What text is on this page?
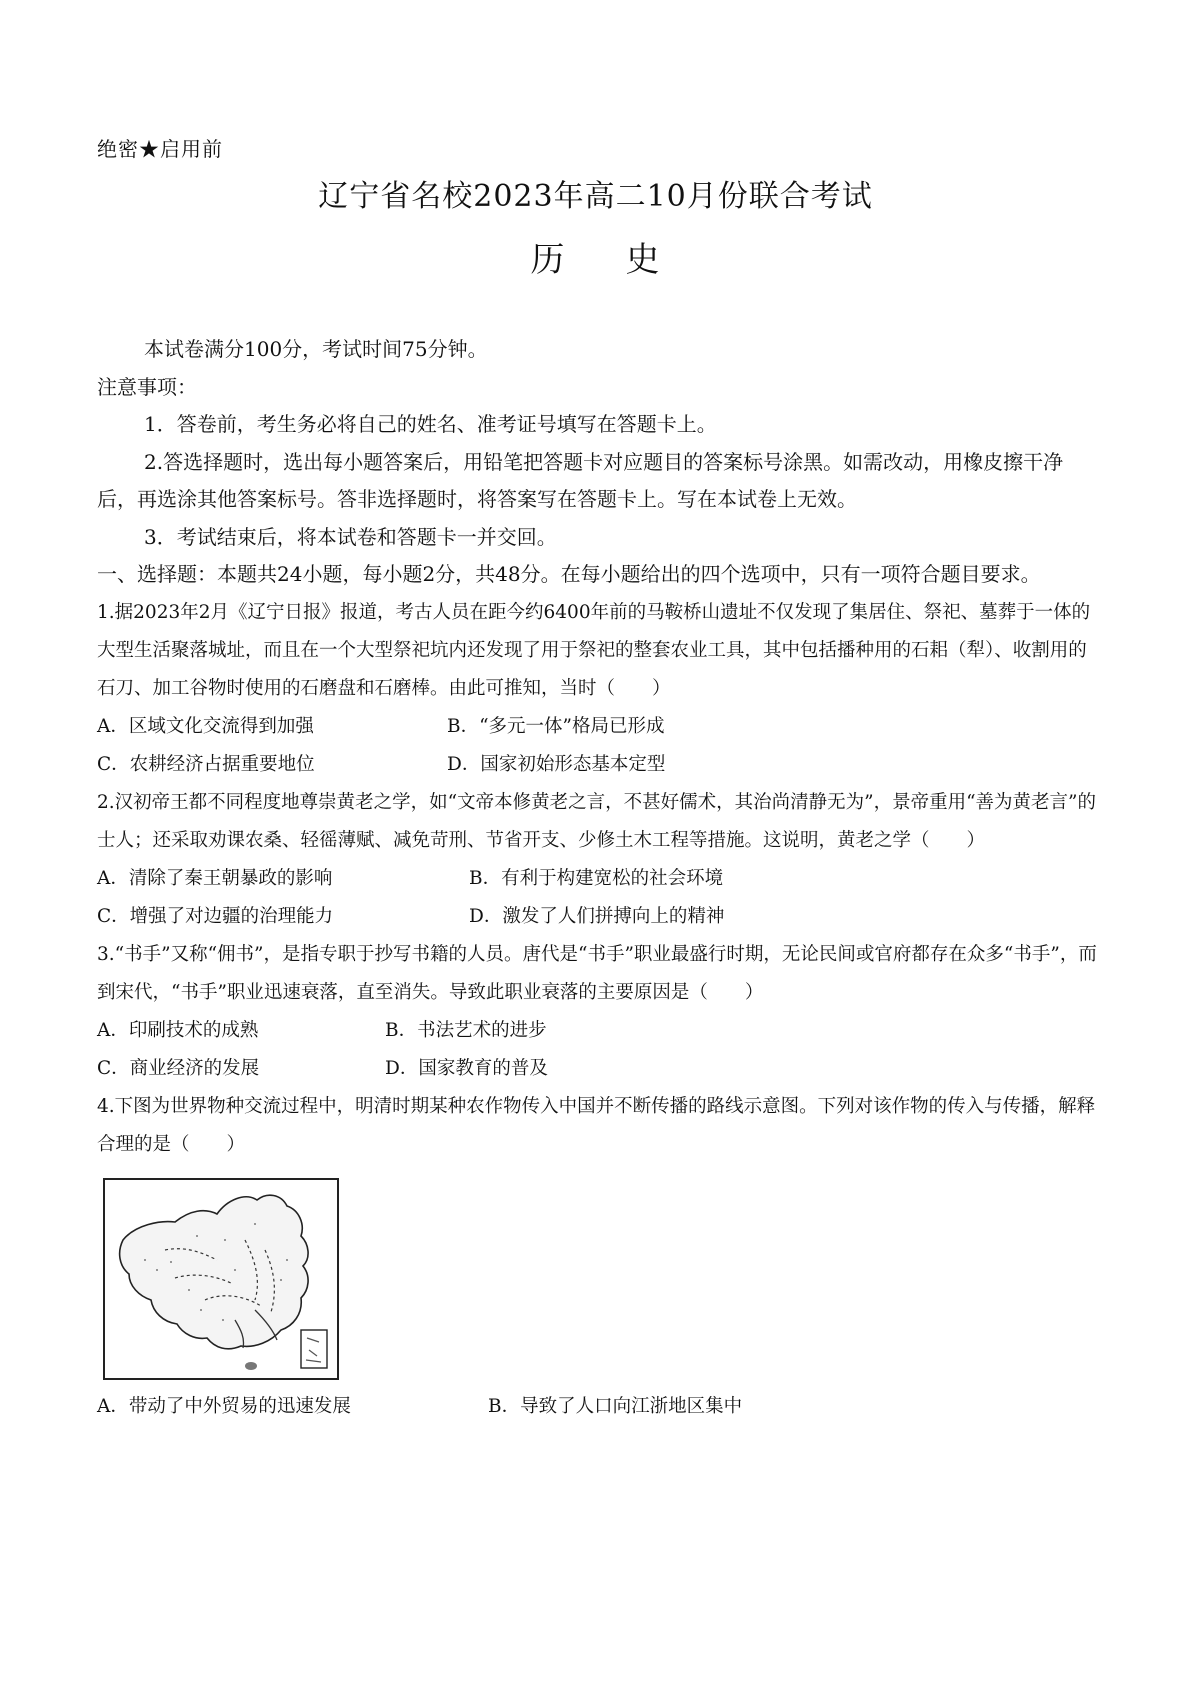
绝密★启用前
辽宁省名校2023年高二10月份联合考试
历 史

本试卷满分100分，考试时间75分钟。

注意事项：

1．答卷前，考生务必将自己的姓名、准考证号填写在答题卡上。

2.答选择题时，选出每小题答案后，用铅笔把答题卡对应题目的答案标号涂黑。如需改动，用橡皮擦干净后，再选涂其他答案标号。答非选择题时，将答案写在答题卡上。写在本试卷上无效。

3．考试结束后，将本试卷和答题卡一并交回。

一、选择题：本题共24小题，每小题2分，共48分。在每小题给出的四个选项中，只有一项符合题目要求。

1.据2023年2月《辽宁日报》报道，考古人员在距今约6400年前的马鞍桥山遗址不仅发现了集居住、祭祀、墓葬于一体的大型生活聚落城址，而且在一个大型祭祀坑内还发现了用于祭祀的整套农业工具，其中包括播种用的石耜（犁）、收割用的石刀、加工谷物时使用的石磨盘和石磨棒。由此可推知，当时（　　）

A．区域文化交流得到加强	B．“多元一体”格局已形成
C．农耕经济占据重要地位	D．国家初始形态基本定型

2.汉初帝王都不同程度地尊崇黄老之学，如“文帝本修黄老之言，不甚好儒术，其治尚清静无为”，景帝重用“善为黄老言”的士人；还采取劝课农桑、轻徭薄赋、减免苛刑、节省开支、少修土木工程等措施。这说明，黄老之学（　　）

A．清除了秦王朝暴政的影响	B．有利于构建宽松的社会环境
C．增强了对边疆的治理能力	D．激发了人们拼搏向上的精神

3.“书手”又称“佣书”，是指专职于抄写书籍的人员。唐代是“书手”职业最盛行时期，无论民间或官府都存在众多“书手”，而到宋代，“书手”职业迅速衰落，直至消失。导致此职业衰落的主要原因是（　　）

A．印刷技术的成熟	B．书法艺术的进步
C．商业经济的发展	D．国家教育的普及

4.下图为世界物种交流过程中，明清时期某种农作物传入中国并不断传播的路线示意图。下列对该作物的传入与传播，解释合理的是（　　）

A．带动了中外贸易的迅速发展	B．导致了人口向江浙地区集中
